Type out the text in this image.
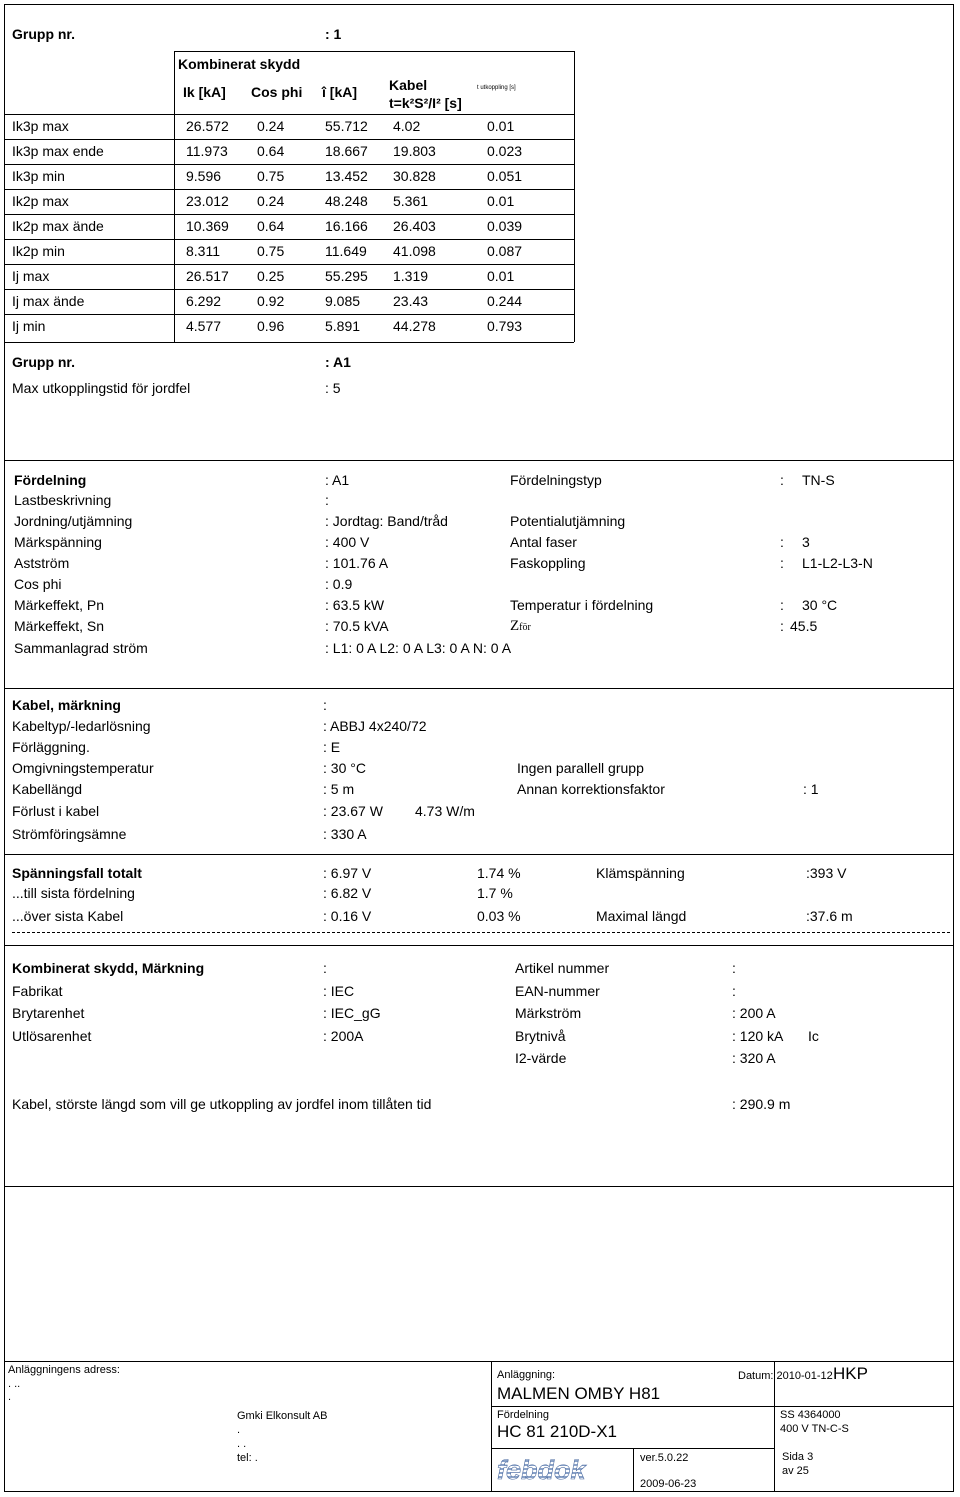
Grupp nr.	: 1
Kombinerat skydd
Ik [kA] Cos phi î [kA] Kabel
t=k²S²/I² [s]
t utkoppling [s]
Ik3p max	26.572 0.24	55.712 4.02	0.01
Ik3p max ende	11.973 0.64	18.667 19.803	0.023
Ik3p min	9.596	0.75	13.452 30.828	0.051
Ik2p max	23.012 0.24	48.248 5.361	0.01
Ik2p max ände	10.369 0.64	16.166 26.403	0.039
Ik2p min	8.311	0.75	11.649 41.098	0.087
Ij max	26.517 0.25	55.295 1.319	0.01
Ij max ände	6.292	0.92	9.085 23.43	0.244
Ij min	4.577	0.96	5.891 44.278	0.793
Grupp nr.	: A1
Max utkopplingstid för jordfel	: 5
Fördelning	: A1
Lastbeskrivning	:
Jordning/utjämning	: Jordtag: Band/tråd
Märkspänning	: 400 V
Astström	: 101.76 A
Cos phi	: 0.9
Märkeffekt, Pn	: 63.5 kW
Märkeffekt, Sn	: 70.5 kVA
Sammanlagrad ström	: L1: 0 A L2: 0 A L3: 0 A N: 0 A
Fördelningstyp	: TN-S
Potentialutjämning
Antal faser	: 3
Faskoppling	: L1-L2-L3-N
Temperatur i fördelning	: 30 °C
Zför	: 45.5
Kabel, märkning	:
Kabeltyp/-ledarlösning	: ABBJ 4x240/72
Förläggning.	: E
Omgivningstemperatur	: 30 °C
Kabellängd	: 5 m
Förlust i kabel	: 23.67 W 4.73 W/m
Strömföringsämne	: 330 A
Ingen parallell grupp
Annan korrektionsfaktor	: 1
Spänningsfall totalt	: 6.97 V	1.74 %	Klämspänning	:393 V
...till sista fördelning	: 6.82 V	1.7 %
...över sista Kabel	: 0.16 V	0.03 %	Maximal längd	:37.6 m
Kombinerat skydd, Märkning	:
Fabrikat	: IEC
Brytarenhet	: IEC_gG
Utlösarenhet	: 200A
Artikel nummer	:
EAN-nummer	:
Märkström	: 200 A
Brytnivå	: 120 kA Ic
I2-värde	: 320 A
Kabel, störste längd som vill ge utkoppling av jordfel inom tillåten tid	: 290.9 m
Anläggningens adress:
. ..
.
Gmki Elkonsult AB
.
. .
tel: .
Anläggning:
MALMEN OMBY H81
Fördelning
HC 81 210D-X1
febdok	ver.5.0.22
2009-06-23
Datum: 2010-01-12 HKP
SS 4364000
400 V TN-C-S
Sida 3
av 25
